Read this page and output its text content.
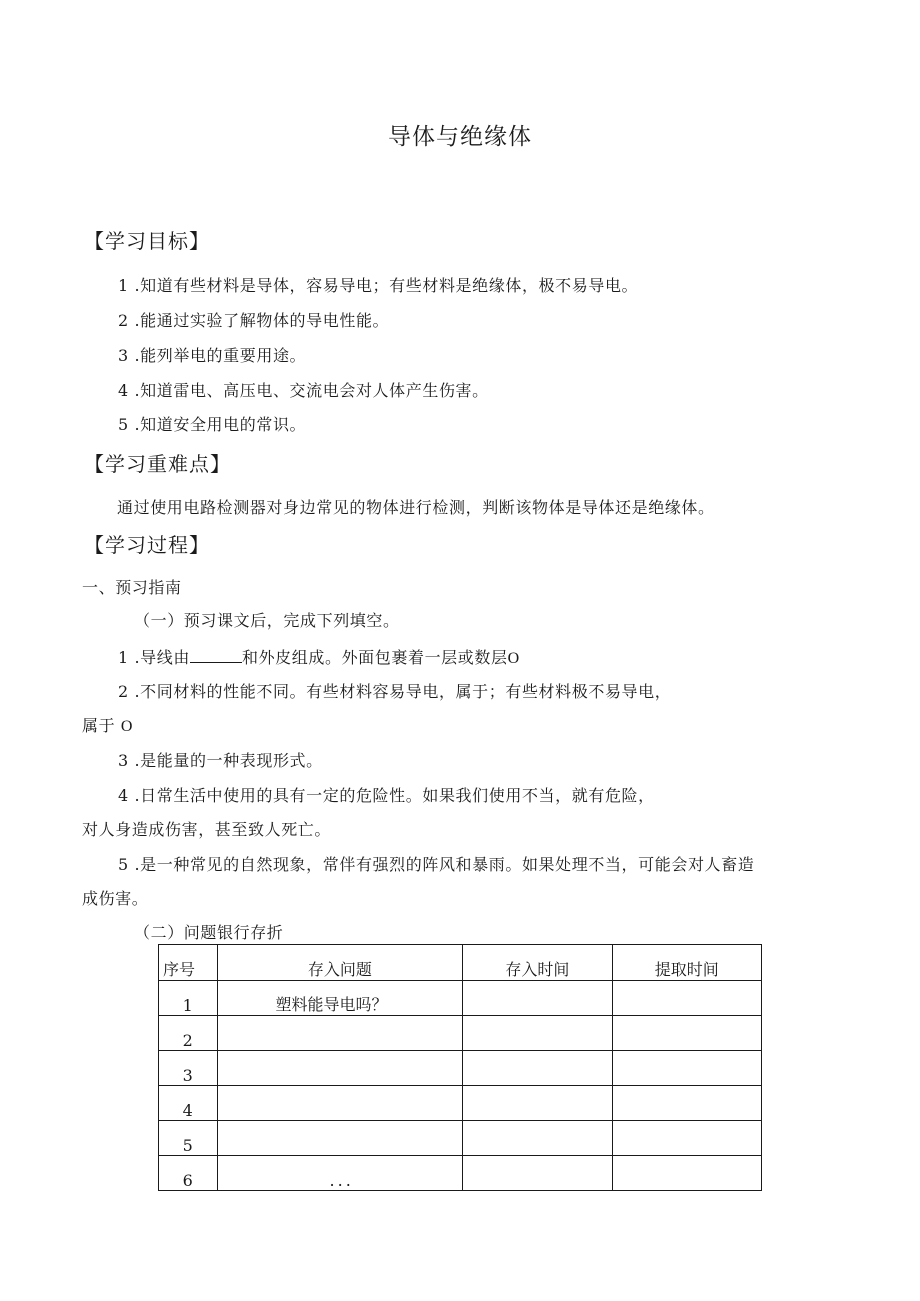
导体与绝缘体
【学习目标】
1 .知道有些材料是导体，容易导电；有些材料是绝缘体，极不易导电。
2 .能通过实验了解物体的导电性能。
3 .能列举电的重要用途。
4 .知道雷电、高压电、交流电会对人体产生伤害。
5 .知道安全用电的常识。
【学习重难点】
通过使用电路检测器对身边常见的物体进行检测，判断该物体是导体还是绝缘体。
【学习过程】
一、预习指南
（一）预习课文后，完成下列填空。
1 .导线由	和外皮组成。外面包裹着一层或数层O
2 .不同材料的性能不同。有些材料容易导电，属于；有些材料极不易导电，
属于 O
3 .是能量的一种表现形式。
4 .日常生活中使用的具有一定的危险性。如果我们使用不当，就有危险，
对人身造成伤害，甚至致人死亡。
5 .是一种常见的自然现象，常伴有强烈的阵风和暴雨。如果处理不当，可能会对人畜造
成伤害。
（二）问题银行存折
序号	存入问题	存入时间	提取时间
1	塑料能导电吗？		
2			
3			
4			
5			
6	...		
